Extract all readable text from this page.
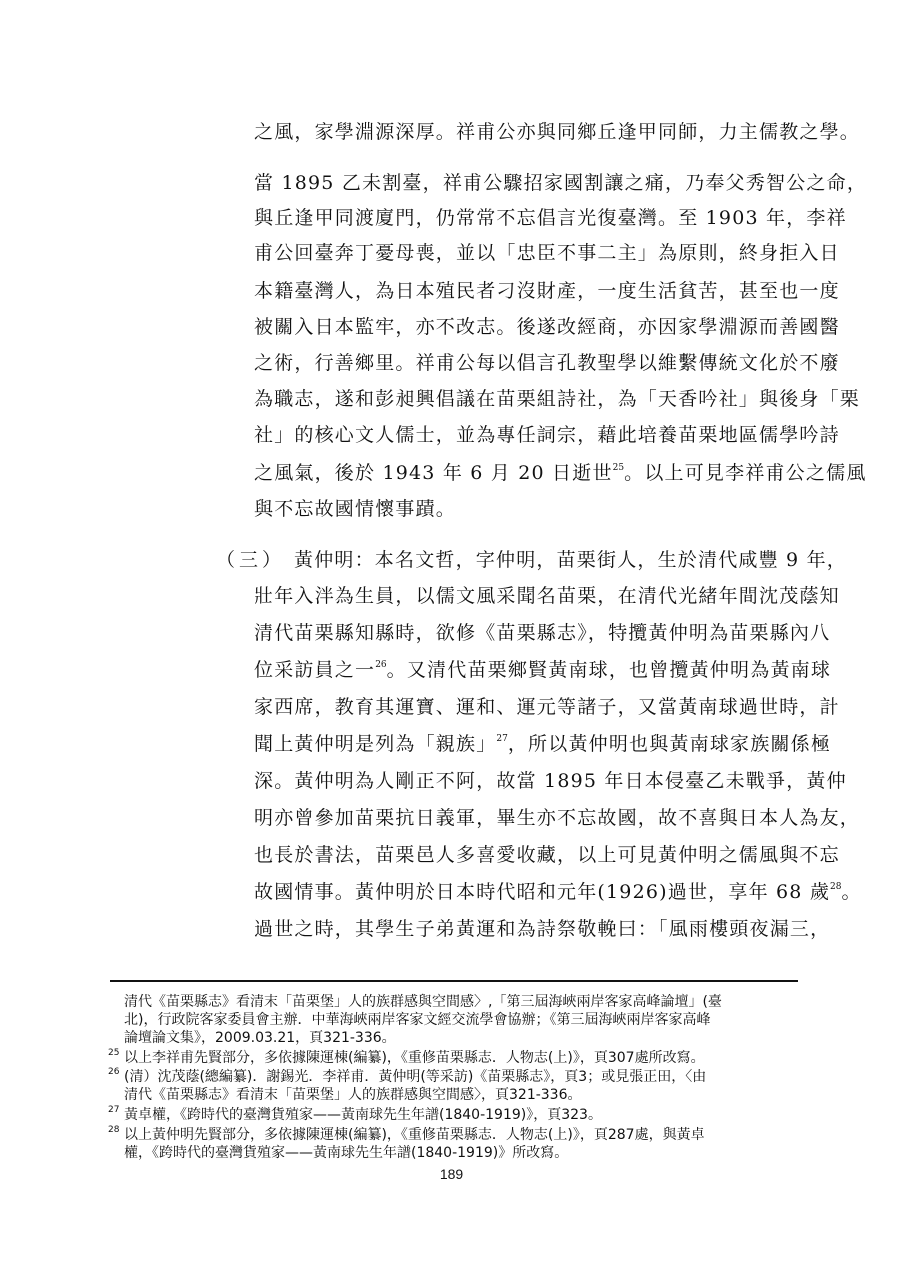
之風，家學淵源深厚。祥甫公亦與同鄉丘逢甲同師，力主儒教之學。
當 1895 乙未割臺，祥甫公驟招家國割讓之痛，乃奉父秀智公之命，
與丘逢甲同渡廈門，仍常常不忘倡言光復臺灣。至 1903 年，李祥
甫公回臺奔丁憂母喪，並以「忠臣不事二主」為原則，終身拒入日
本籍臺灣人，為日本殖民者刁沒財產，一度生活貧苦，甚至也一度
被關入日本監牢，亦不改志。後遂改經商，亦因家學淵源而善國醫
之術，行善鄉里。祥甫公每以倡言孔教聖學以維繫傳統文化於不廢
為職志，遂和彭昶興倡議在苗栗組詩社，為「天香吟社」與後身「栗
社」的核心文人儒士，並為專任詞宗，藉此培養苗栗地區儒學吟詩
之風氣，後於 1943 年 6 月 20 日逝世$^{25}$。以上可見李祥甫公之儒風
與不忘故國情懷事蹟。
（三） 黃仲明：本名文哲，字仲明，苗栗街人，生於清代咸豐 9 年，
壯年入泮為生員，以儒文風采聞名苗栗，在清代光緒年間沈茂蔭知
清代苗栗縣知縣時，欲修《苗栗縣志》，特攬黃仲明為苗栗縣內八
位采訪員之一$^{26}$。又清代苗栗鄉賢黃南球，也曾攬黃仲明為黃南球
家西席，教育其運寶、運和、運元等諸子，又當黃南球過世時，計
聞上黃仲明是列為「親族」$^{27}$，所以黃仲明也與黃南球家族關係極
深。黃仲明為人剛正不阿，故當 1895 年日本侵臺乙未戰爭，黃仲
明亦曾參加苗栗抗日義軍，畢生亦不忘故國，故不喜與日本人為友，
也長於書法，苗栗邑人多喜愛收藏，以上可見黃仲明之儒風與不忘
故國情事。黃仲明於日本時代昭和元年(1926)過世，享年 68 歲$^{28}$。
過世之時，其學生子弟黃運和為詩祭敬輓曰：「風雨樓頭夜漏三，
清代《苗栗縣志》看清末「苗栗堡」人的族群感與空間感〉,「第三屆海峽兩岸客家高峰論壇」(臺
北)，行政院客家委員會主辦．中華海峽兩岸客家文經交流學會協辦；《第三屆海峽兩岸客家高峰
論壇論文集》，2009.03.21，頁321-336。
25 以上李祥甫先賢部分，多依據陳運棟(編纂)，《重修苗栗縣志．人物志(上)》，頁307處所改寫。
26 (清）沈茂蔭(總編纂)．謝錫光．李祥甫．黃仲明(等采訪)《苗栗縣志》，頁3；或見張正田，〈由
清代《苗栗縣志》看清末「苗栗堡」人的族群感與空間感〉，頁321-336。
27 黃卓權，《跨時代的臺灣貨殖家——黃南球先生年譜(1840-1919)》，頁323。
28 以上黃仲明先賢部分，多依據陳運棟(編纂)，《重修苗栗縣志．人物志(上)》，頁287處，與黃卓
權，《跨時代的臺灣貨殖家——黃南球先生年譜(1840-1919)》所改寫。
189
